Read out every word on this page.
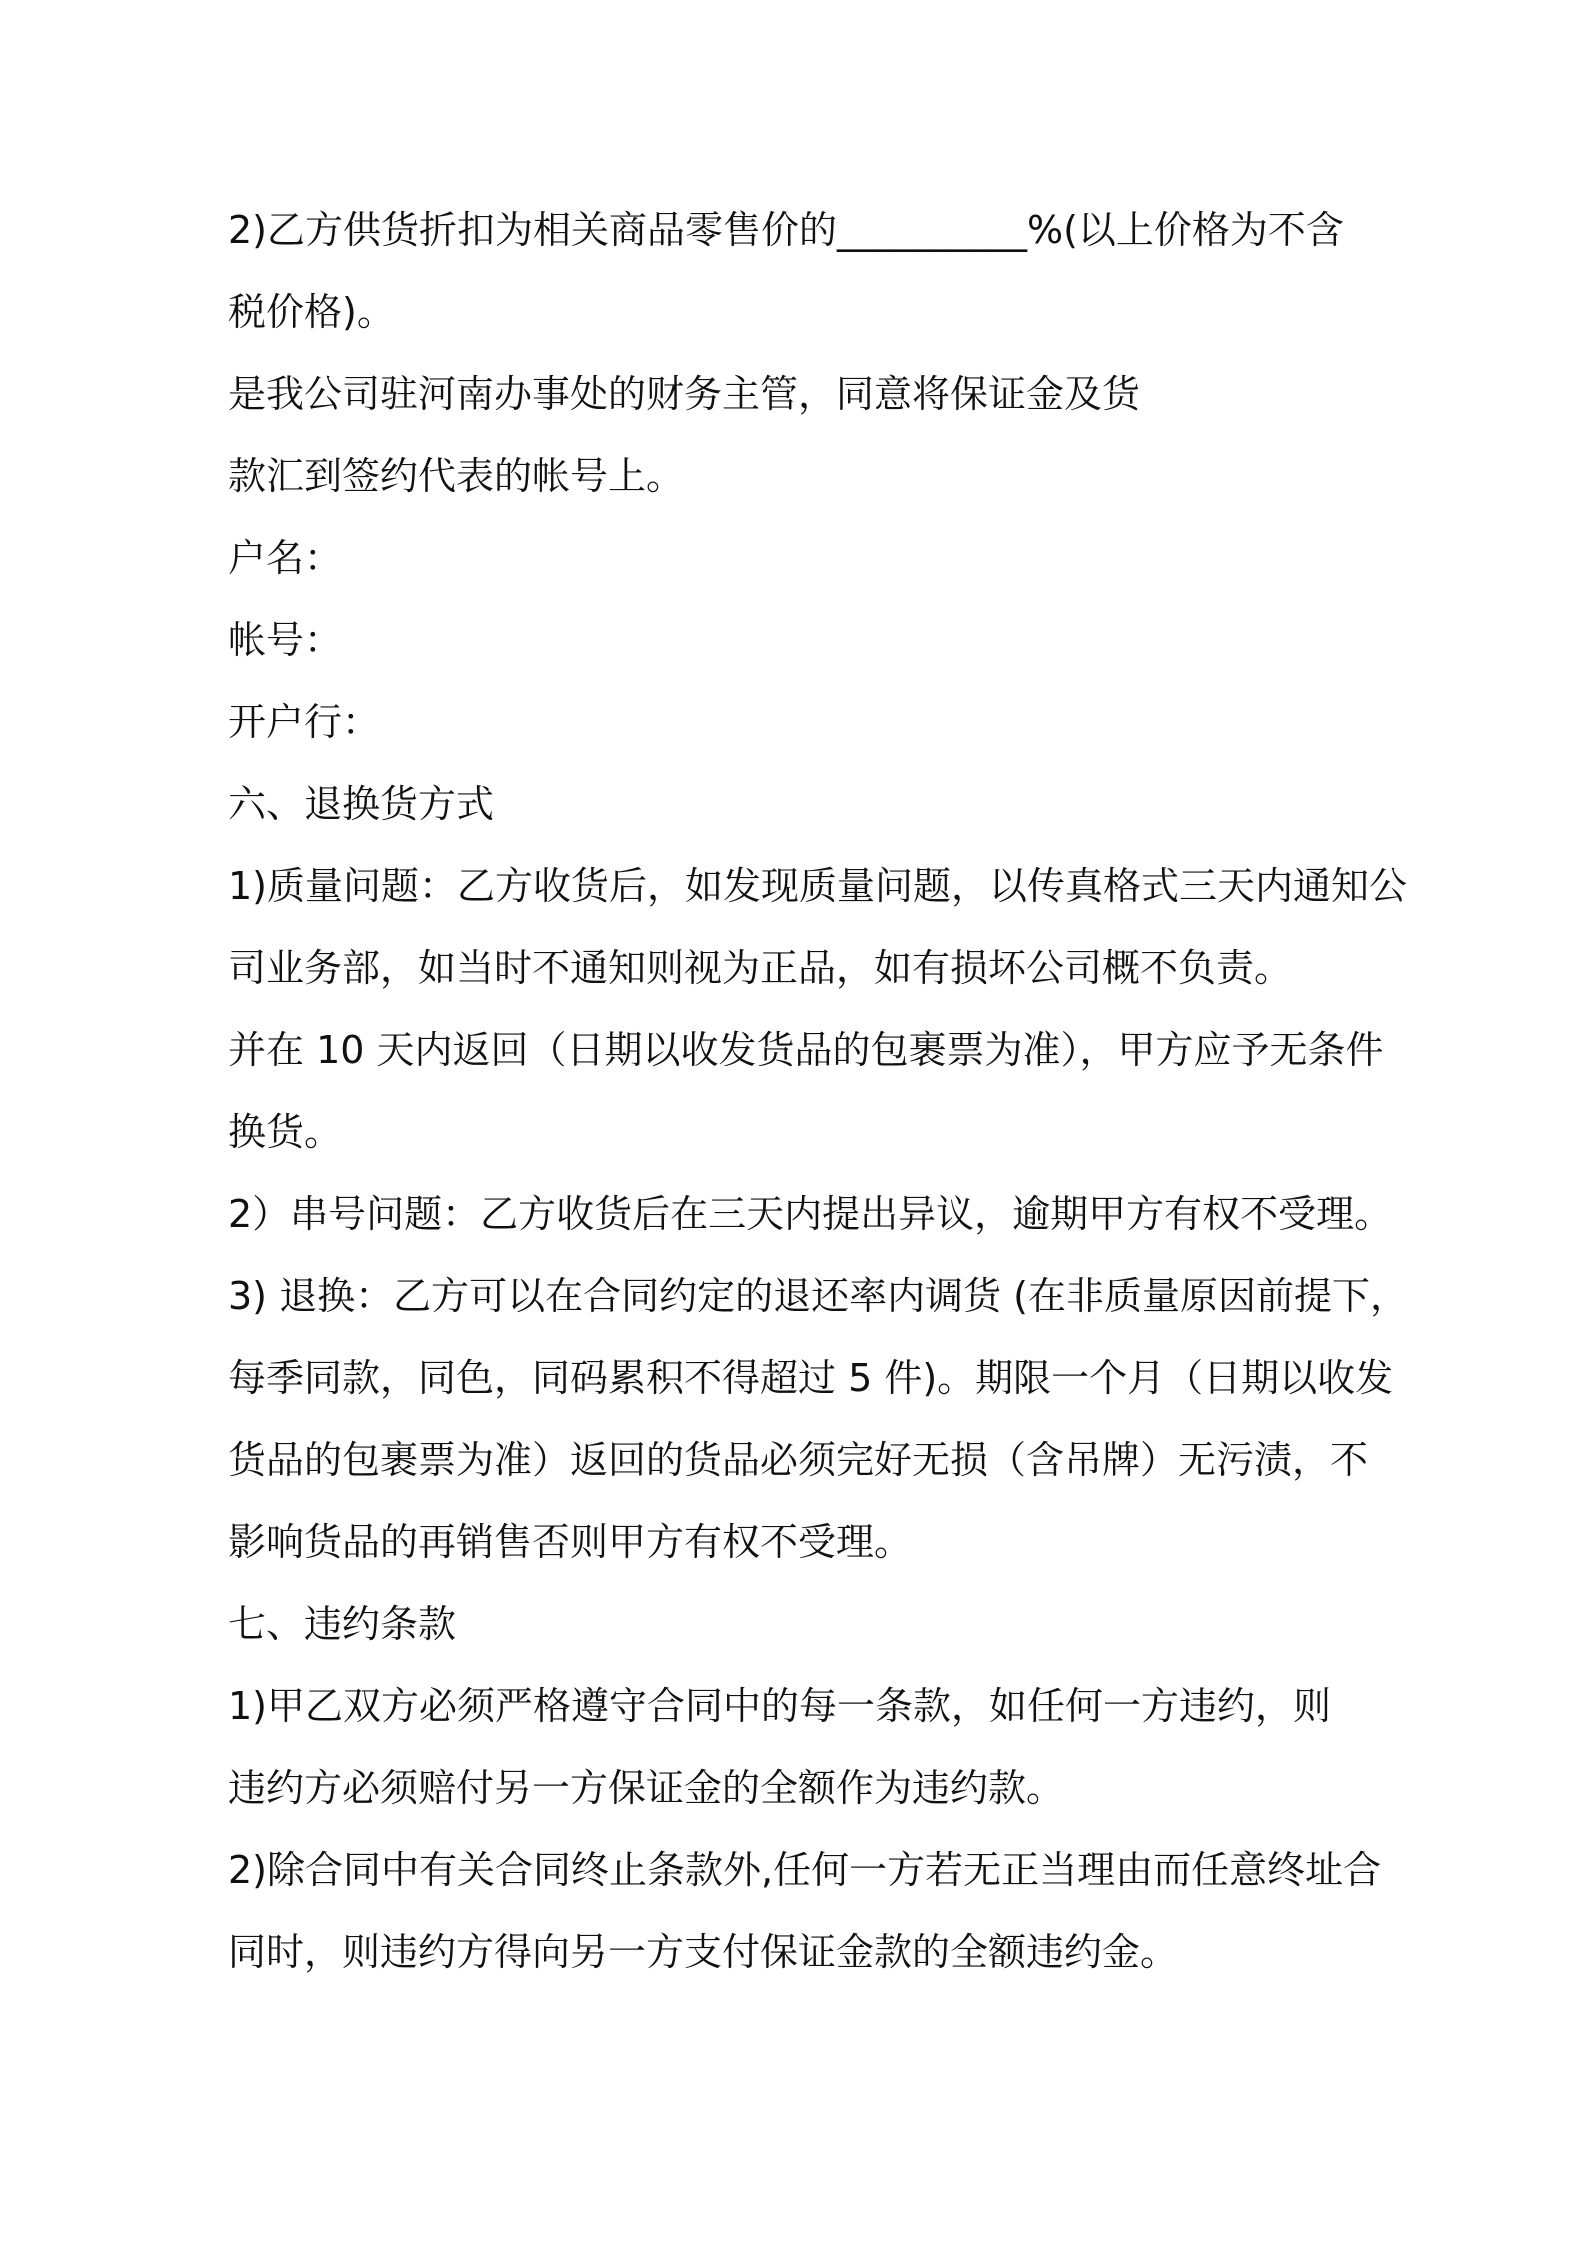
2)乙方供货折扣为相关商品零售价的__________%(以上价格为不含

税价格)。

是我公司驻河南办事处的财务主管，同意将保证金及货

款汇到签约代表的帐号上。

户名：

帐号：

开户行：

六、退换货方式

1)质量问题：乙方收货后，如发现质量问题，以传真格式三天内通知公

司业务部，如当时不通知则视为正品，如有损坏公司概不负责。

并在 10 天内返回（日期以收发货品的包裹票为准），甲方应予无条件

换货。

2）串号问题：乙方收货后在三天内提出异议，逾期甲方有权不受理。

3) 退换：乙方可以在合同约定的退还率内调货 (在非质量原因前提下，

每季同款，同色，同码累积不得超过 5 件)。期限一个月（日期以收发

货品的包裹票为准）返回的货品必须完好无损（含吊牌）无污渍，不

影响货品的再销售否则甲方有权不受理。

七、违约条款

1)甲乙双方必须严格遵守合同中的每一条款，如任何一方违约，则

违约方必须赔付另一方保证金的全额作为违约款。

2)除合同中有关合同终止条款外,任何一方若无正当理由而任意终址合

同时，则违约方得向另一方支付保证金款的全额违约金。
